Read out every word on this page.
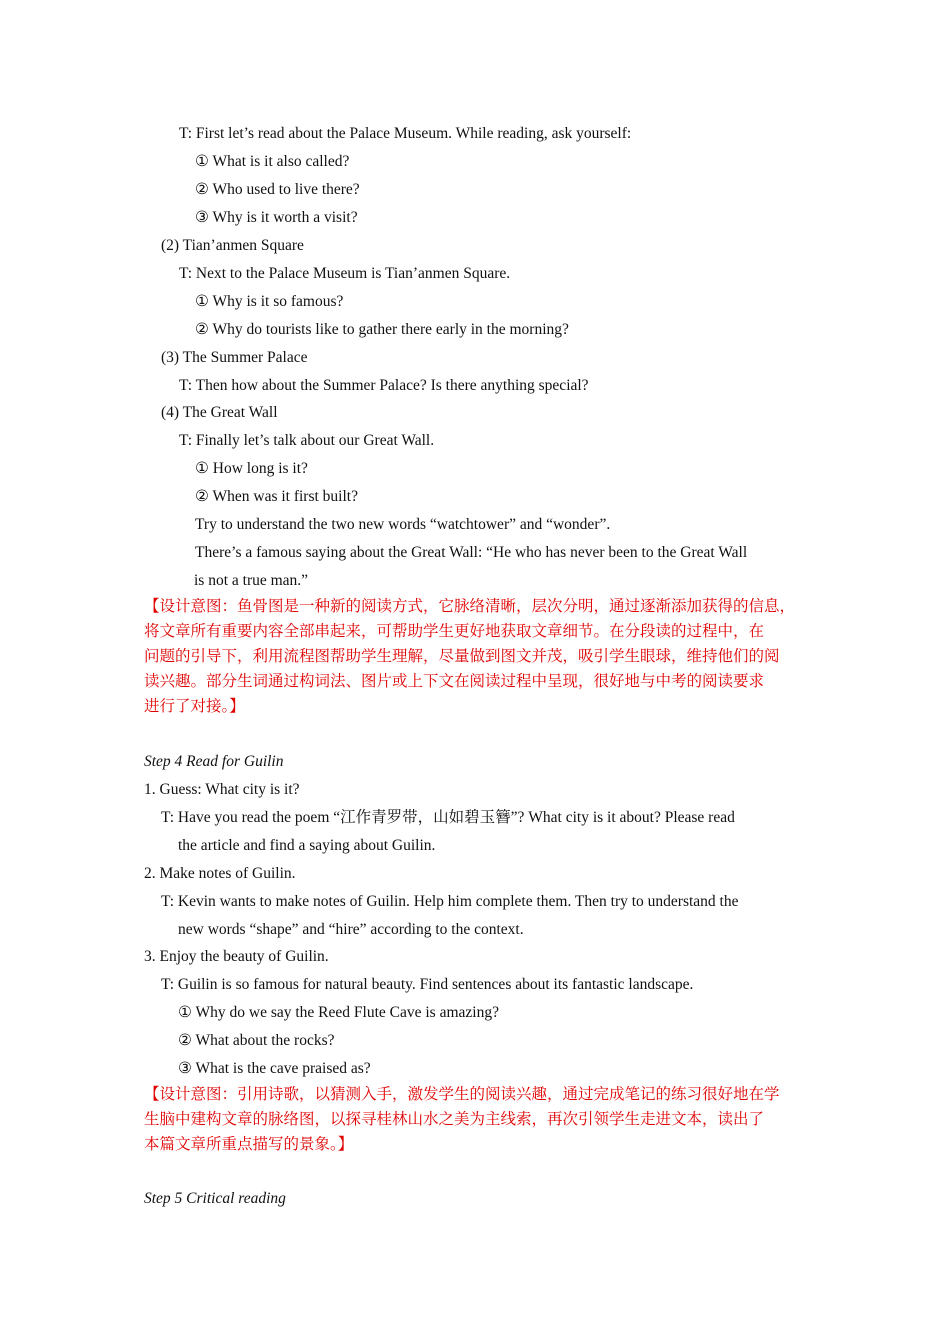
T: First let’s read about the Palace Museum. While reading, ask yourself:
① What is it also called?
② Who used to live there?
③ Why is it worth a visit?
(2) Tian’anmen Square
T: Next to the Palace Museum is Tian’anmen Square.
① Why is it so famous?
② Why do tourists like to gather there early in the morning?
(3) The Summer Palace
T: Then how about the Summer Palace? Is there anything special?
(4) The Great Wall
T: Finally let’s talk about our Great Wall.
① How long is it?
② When was it first built?
Try to understand the two new words “watchtower” and “wonder”.
There’s a famous saying about the Great Wall: “He who has never been to the Great Wall
is not a true man.”
【设计意图：鱼骨图是一种新的阅读方式，它脉络清晰，层次分明，通过逐渐添加获得的信息，
将文章所有重要内容全部串起来，可帮助学生更好地获取文章细节。在分段读的过程中，在
问题的引导下，利用流程图帮助学生理解，尽量做到图文并茂，吸引学生眼球，维持他们的阅
读兴趣。部分生词通过构词法、图片或上下文在阅读过程中呈现，很好地与中考的阅读要求
进行了对接。】
Step 4 Read for Guilin
1. Guess: What city is it?
T: Have you read the poem “江作青罗带，山如碧玉簪”? What city is it about? Please read
the article and find a saying about Guilin.
2. Make notes of Guilin.
T: Kevin wants to make notes of Guilin. Help him complete them. Then try to understand the
new words “shape” and “hire” according to the context.
3. Enjoy the beauty of Guilin.
T: Guilin is so famous for natural beauty. Find sentences about its fantastic landscape.
① Why do we say the Reed Flute Cave is amazing?
② What about the rocks?
③ What is the cave praised as?
【设计意图：引用诗歌，以猜测入手，激发学生的阅读兴趣，通过完成笔记的练习很好地在学
生脑中建构文章的脉络图，以探寻桂林山水之美为主线索，再次引领学生走进文本，读出了
本篇文章所重点描写的景象。】
Step 5 Critical reading
